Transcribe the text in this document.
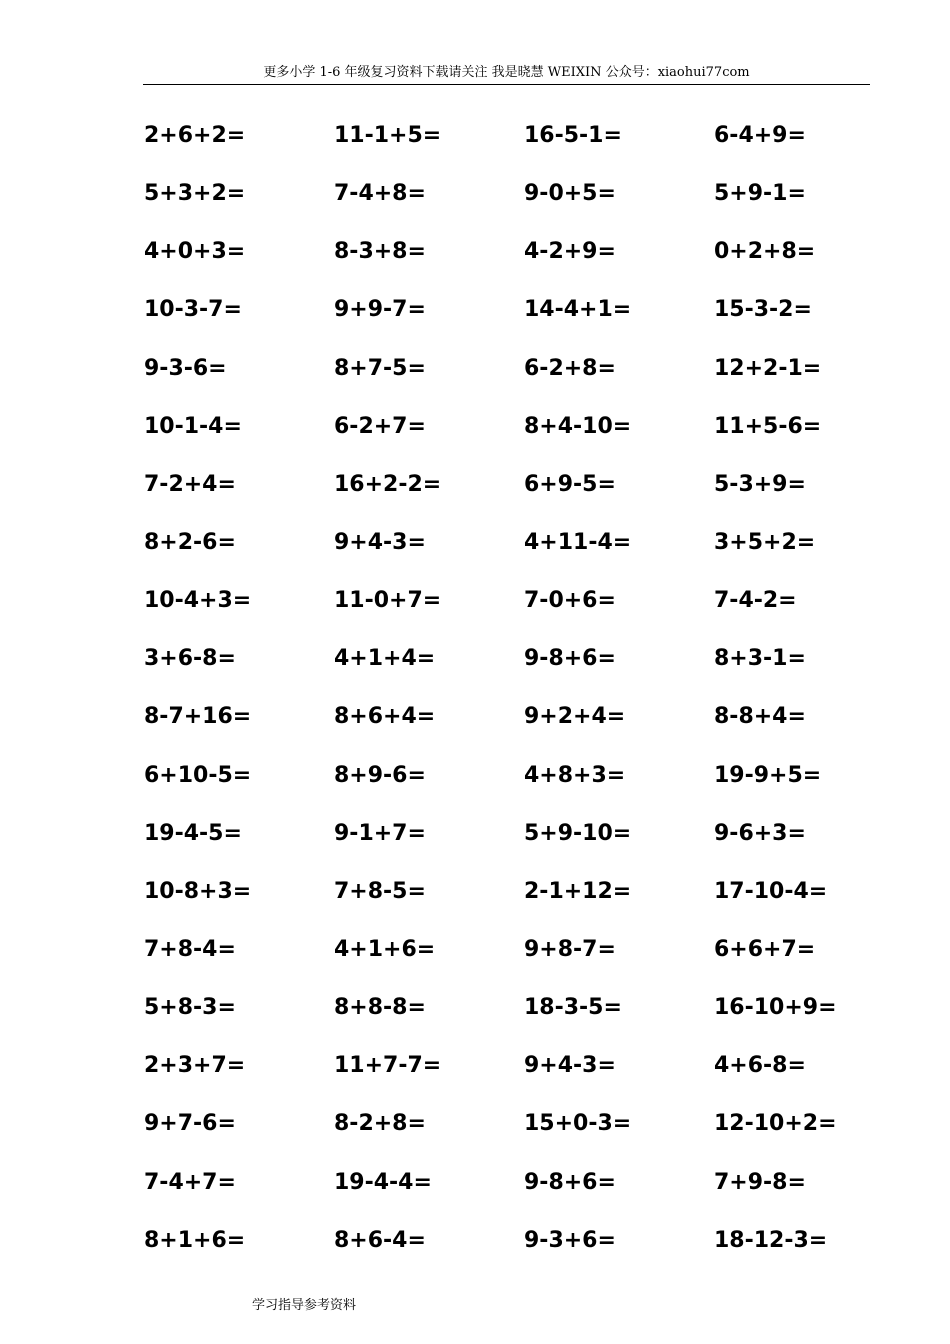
更多小学 1-6 年级复习资料下载请关注 我是晓慧 WEIXIN 公众号：xiaohui77com
2+6+2=	11-1+5=	16-5-1=	6-4+9=
5+3+2=	7-4+8=	9-0+5=	5+9-1=
4+0+3=	8-3+8=	4-2+9=	0+2+8=
10-3-7=	9+9-7=	14-4+1=	15-3-2=
9-3-6=	8+7-5=	6-2+8=	12+2-1=
10-1-4=	6-2+7=	8+4-10=	11+5-6=
7-2+4=	16+2-2=	6+9-5=	5-3+9=
8+2-6=	9+4-3=	4+11-4=	3+5+2=
10-4+3=	11-0+7=	7-0+6=	7-4-2=
3+6-8=	4+1+4=	9-8+6=	8+3-1=
8-7+16=	8+6+4=	9+2+4=	8-8+4=
6+10-5=	8+9-6=	4+8+3=	19-9+5=
19-4-5=	9-1+7=	5+9-10=	9-6+3=
10-8+3=	7+8-5=	2-1+12=	17-10-4=
7+8-4=	4+1+6=	9+8-7=	6+6+7=
5+8-3=	8+8-8=	18-3-5=	16-10+9=
2+3+7=	11+7-7=	9+4-3=	4+6-8=
9+7-6=	8-2+8=	15+0-3=	12-10+2=
7-4+7=	19-4-4=	9-8+6=	7+9-8=
8+1+6=	8+6-4=	9-3+6=	18-12-3=
学习指导参考资料
